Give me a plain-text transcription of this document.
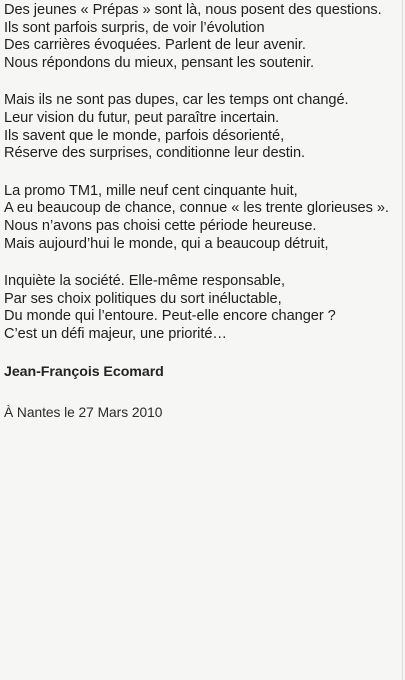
Des jeunes « Prépas » sont là, nous posent des questions.
Ils sont parfois surpris, de voir l’évolution
Des carrières évoquées. Parlent de leur avenir.
Nous répondons du mieux, pensant les soutenir.
Mais ils ne sont pas dupes, car les temps ont changé.
Leur vision du futur, peut paraître incertain.
Ils savent que le monde, parfois désorienté,
Réserve des surprises, conditionne leur destin.
La promo TM1, mille neuf cent cinquante huit,
A eu beaucoup de chance, connue « les trente glorieuses ».
Nous n’avons pas choisi cette période heureuse.
Mais aujourd’hui le monde, qui a beaucoup détruit,
Inquiète la société. Elle-même responsable,
Par ses choix politiques du sort inéluctable,
Du monde qui l’entoure. Peut-elle encore changer ?
C’est un défi majeur, une priorité…
Jean-François Ecomard
À Nantes le 27 Mars 2010
